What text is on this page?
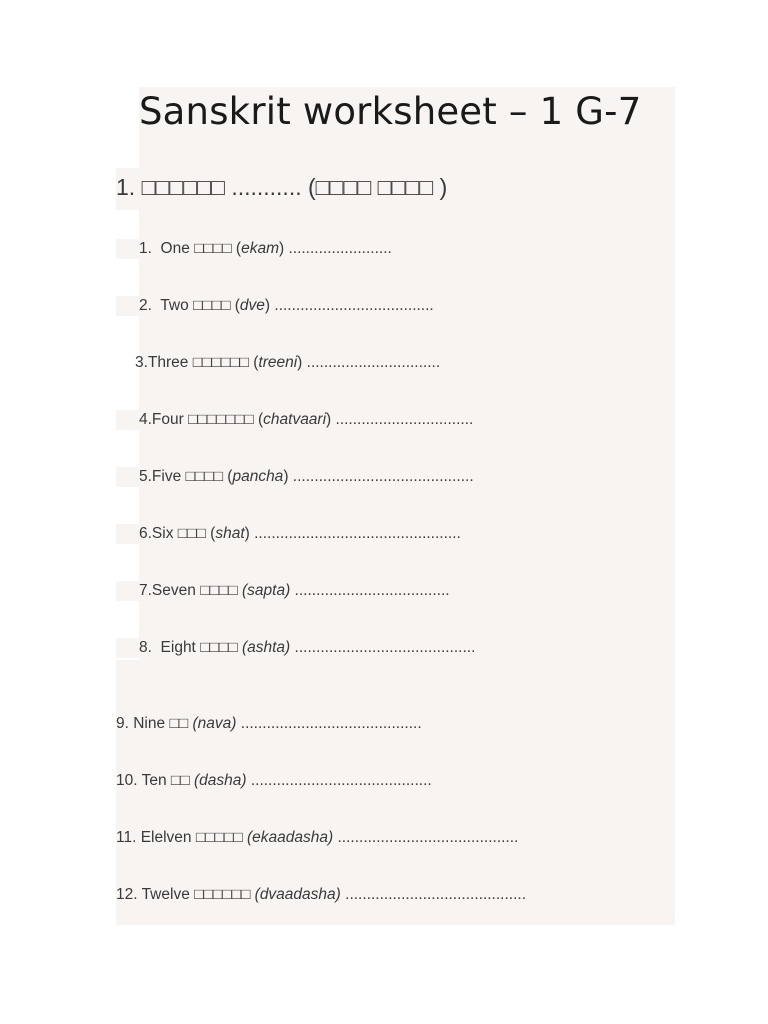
Sanskrit worksheet – 1 G-7
1. □□□□□□ ........... (□□□□ □□□□ )
1.  One □□□□ (ekam) ........................
2.  Two □□□□ (dve) .....................................
3.Three □□□□□□ (treeni) ...............................
4.Four □□□□□□□ (chatvaari) ................................
5.Five □□□□ (pancha) ..........................................
6.Six □□□ (shat) ................................................
7.Seven □□□□ (sapta) ....................................
8.  Eight □□□□ (ashta) ..........................................
9. Nine □□ (nava) ..........................................
10. Ten □□ (dasha) ..........................................
11. Elelven □□□□□ (ekaadasha) ..........................................
12. Twelve □□□□□□ (dvaadasha) ..........................................
